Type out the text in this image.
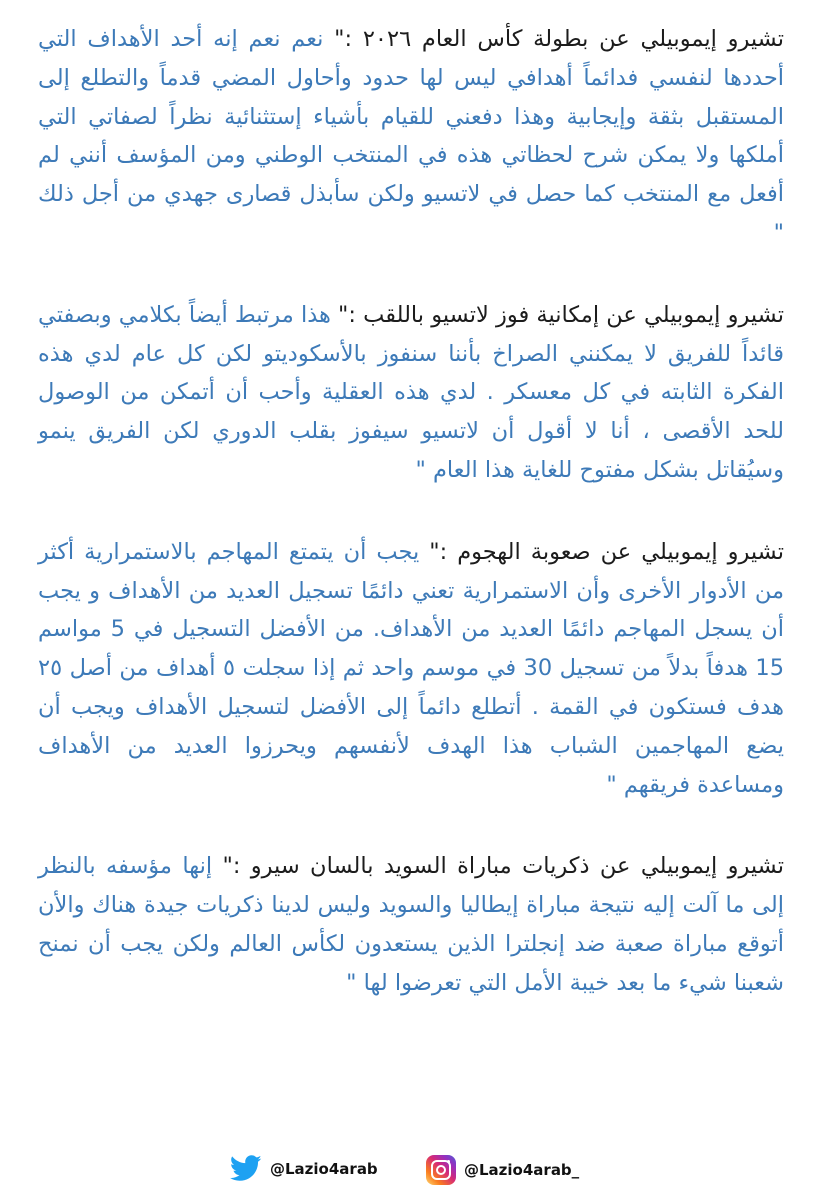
تشيرو إيموبيلي عن بطولة كأس العام ٢٠٢٦ :" نعم نعم إنه أحد الأهداف التي أحددها لنفسي فدائماً أهدافي ليس لها حدود وأحاول المضي قدماً والتطلع إلى المستقبل بثقة وإيجابية وهذا دفعني للقيام بأشياء إستثنائية نظراً لصفاتي التي أملكها ولا يمكن شرح لحظاتي هذه في المنتخب الوطني ومن المؤسف أنني لم أفعل مع المنتخب كما حصل في لاتسيو ولكن سأبذل قصارى جهدي من أجل ذلك "

تشيرو إيموبيلي عن إمكانية فوز لاتسيو باللقب :" هذا مرتبط أيضاً بكلامي وبصفتي قائداً للفريق لا يمكنني الصراخ بأننا سنفوز بالأسكوديتو لكن كل عام لدي هذه الفكرة الثابته في كل معسكر . لدي هذه العقلية وأحب أن أتمكن من الوصول للحد الأقصى ، أنا لا أقول أن لاتسيو سيفوز بقلب الدوري لكن الفريق ينمو وسيُقاتل بشكل مفتوح للغاية هذا العام "

تشيرو إيموبيلي عن صعوبة الهجوم :" يجب أن يتمتع المهاجم بالاستمرارية أكثر من الأدوار الأخرى وأن الاستمرارية تعني دائمًا تسجيل العديد من الأهداف و يجب أن يسجل المهاجم دائمًا العديد من الأهداف. من الأفضل التسجيل في 5 مواسم 15 هدفاً بدلاً من تسجيل 30 في موسم واحد ثم إذا سجلت ٥ أهداف من أصل ٢٥ هدف فستكون في القمة . أتطلع دائماً إلى الأفضل لتسجيل الأهداف ويجب أن يضع المهاجمين الشباب هذا الهدف لأنفسهم ويحرزوا العديد من الأهداف ومساعدة فريقهم "

تشيرو إيموبيلي عن ذكريات مباراة السويد بالسان سيرو :" إنها مؤسفه بالنظر إلى ما آلت إليه نتيجة مباراة إيطاليا والسويد وليس لدينا ذكريات جيدة هناك والأن أتوقع مباراة صعبة ضد إنجلترا الذين يستعدون لكأس العالم ولكن يجب أن نمنح شعبنا شيء ما بعد خيبة الأمل التي تعرضوا لها "

@Lazio4arab	@Lazio4arab_
